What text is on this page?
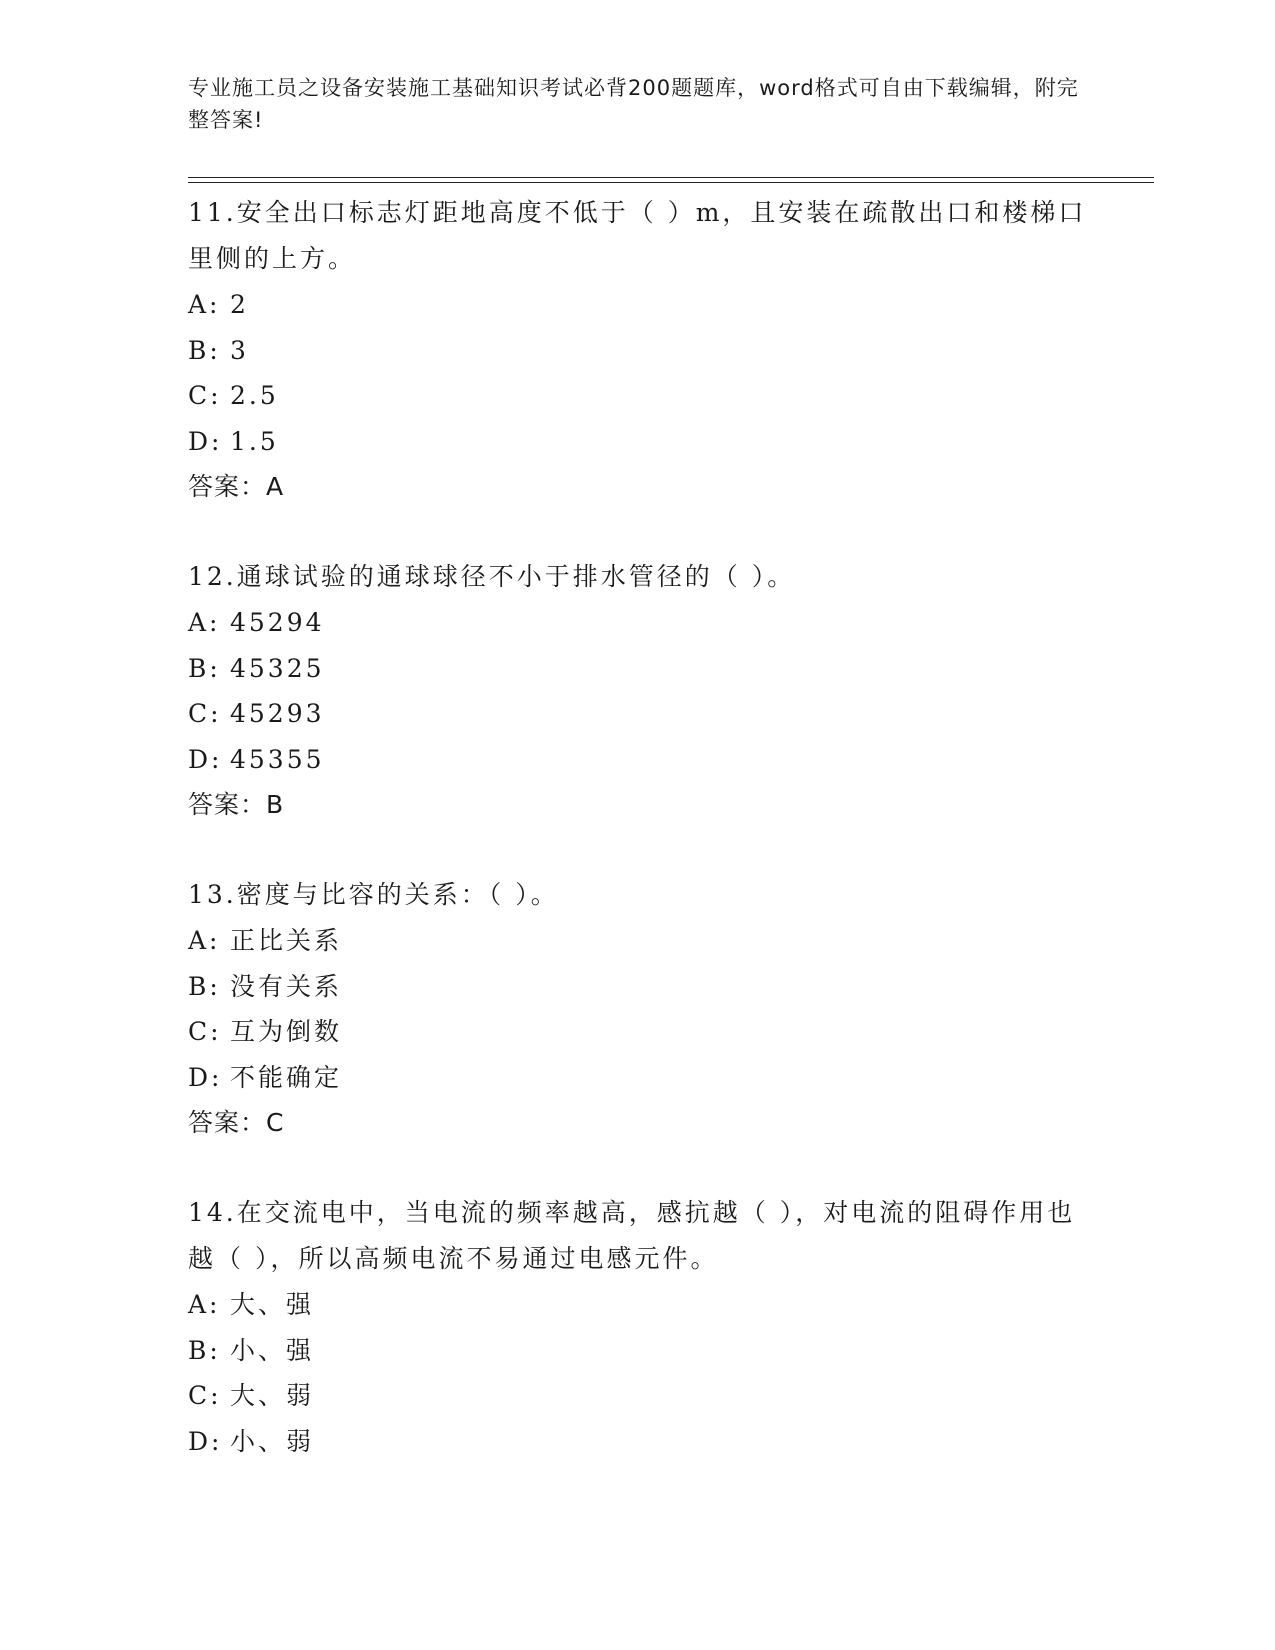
专业施工员之设备安装施工基础知识考试必背200题题库，word格式可自由下载编辑，附完整答案!
11.安全出口标志灯距地高度不低于（ ）m，且安装在疏散出口和楼梯口里侧的上方。
A: 2
B: 3
C: 2.5
D: 1.5
答案：A
12.通球试验的通球球径不小于排水管径的（ ）。
A: 45294
B: 45325
C: 45293
D: 45355
答案：B
13.密度与比容的关系：（ ）。
A: 正比关系
B: 没有关系
C: 互为倒数
D: 不能确定
答案：C
14.在交流电中，当电流的频率越高，感抗越（ ），对电流的阻碍作用也越（ ），所以高频电流不易通过电感元件。
A: 大、强
B: 小、强
C: 大、弱
D: 小、弱
